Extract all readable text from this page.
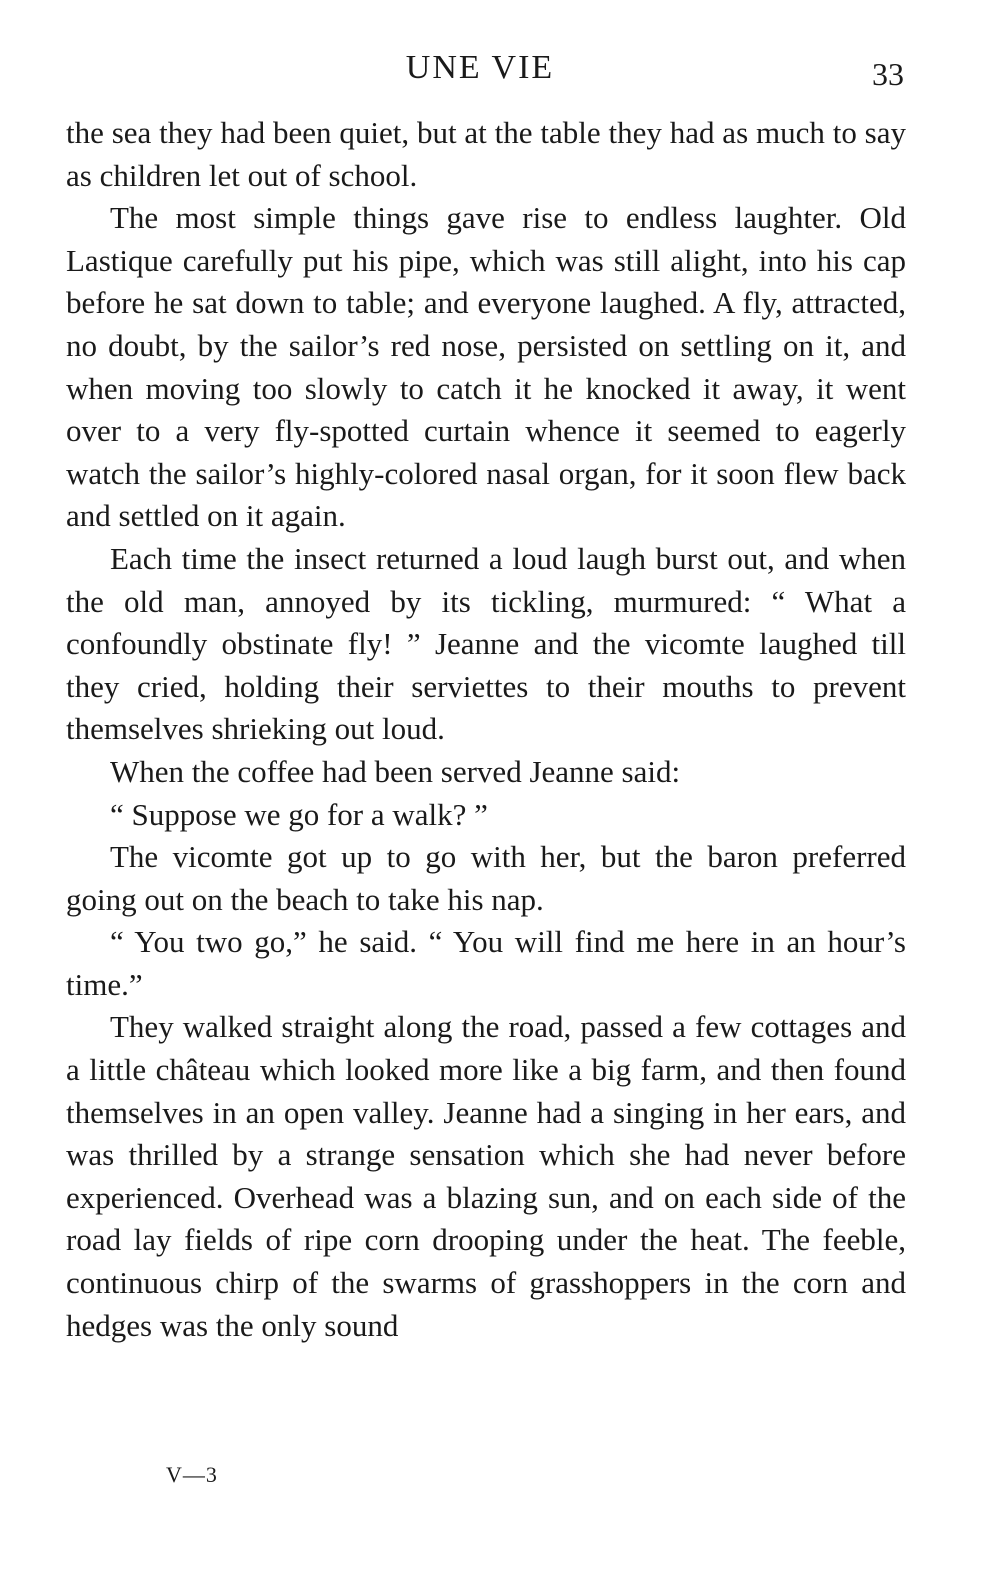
UNE VIE	33

the sea they had been quiet, but at the table they had as much to say as children let out of school.

The most simple things gave rise to endless laughter. Old Lastique carefully put his pipe, which was still alight, into his cap before he sat down to table; and everyone laughed. A fly, attracted, no doubt, by the sailor’s red nose, persisted on settling on it, and when moving too slowly to catch it he knocked it away, it went over to a very fly-spotted curtain whence it seemed to eagerly watch the sailor’s highly-colored nasal organ, for it soon flew back and settled on it again.

Each time the insect returned a loud laugh burst out, and when the old man, annoyed by its tickling, murmured: “ What a confoundly obstinate fly! ” Jeanne and the vicomte laughed till they cried, holding their serviettes to their mouths to prevent themselves shrieking out loud.

When the coffee had been served Jeanne said:

“ Suppose we go for a walk? ”

The vicomte got up to go with her, but the baron preferred going out on the beach to take his nap.

“ You two go,” he said. “ You will find me here in an hour’s time.”

They walked straight along the road, passed a few cottages and a little château which looked more like a big farm, and then found themselves in an open valley. Jeanne had a singing in her ears, and was thrilled by a strange sensation which she had never before experienced. Overhead was a blazing sun, and on each side of the road lay fields of ripe corn drooping under the heat. The feeble, continuous chirp of the swarms of grasshoppers in the corn and hedges was the only sound

V—3
